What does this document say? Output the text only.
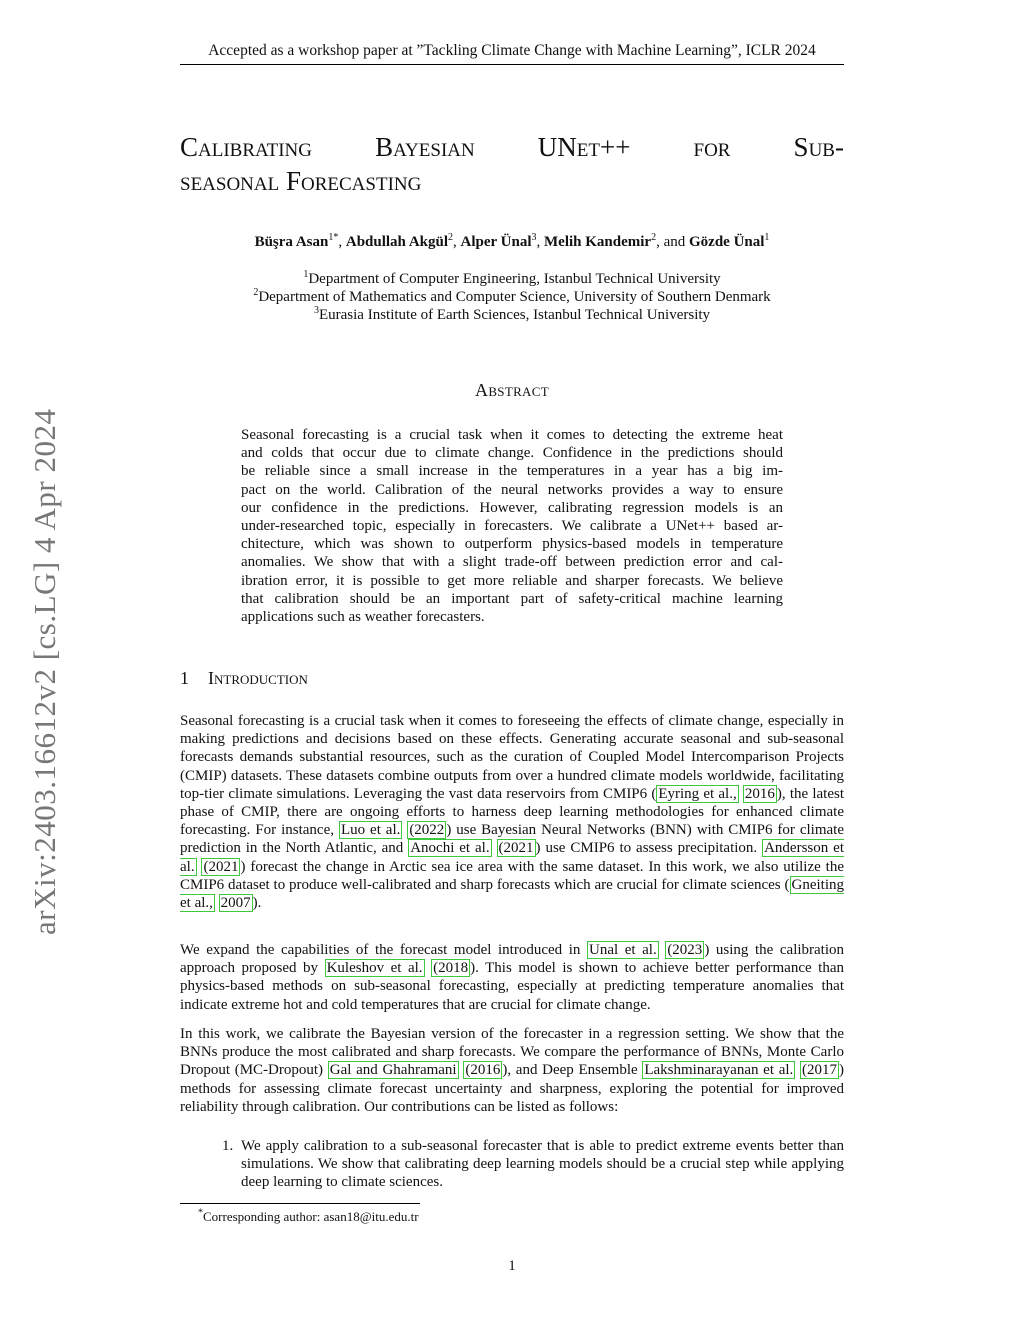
Accepted as a workshop paper at ”Tackling Climate Change with Machine Learning”, ICLR 2024
arXiv:2403.16612v2 [cs.LG] 4 Apr 2024
Calibrating Bayesian UNet++ for Sub-
seasonal Forecasting
Büşra Asan$^{1*}$, Abdullah Akgül$^2$, Alper Ünal$^3$, Melih Kandemir$^2$, and Gözde Ünal$^1$
$^1$Department of Computer Engineering, Istanbul Technical University
$^2$Department of Mathematics and Computer Science, University of Southern Denmark
$^3$Eurasia Institute of Earth Sciences, Istanbul Technical University
Abstract
Seasonal forecasting is a crucial task when it comes to detecting the extreme heat
and colds that occur due to climate change. Confidence in the predictions should
be reliable since a small increase in the temperatures in a year has a big im-
pact on the world. Calibration of the neural networks provides a way to ensure
our confidence in the predictions. However, calibrating regression models is an
under-researched topic, especially in forecasters. We calibrate a UNet++ based ar-
chitecture, which was shown to outperform physics-based models in temperature
anomalies. We show that with a slight trade-off between prediction error and cal-
ibration error, it is possible to get more reliable and sharper forecasts. We believe
that calibration should be an important part of safety-critical machine learning
applications such as weather forecasters.
1 Introduction
Seasonal forecasting is a crucial task when it comes to foreseeing the effects of climate change, especially in making predictions and decisions based on these effects. Generating accurate seasonal and sub-seasonal forecasts demands substantial resources, such as the curation of Coupled Model Intercomparison Projects (CMIP) datasets. These datasets combine outputs from over a hundred climate models worldwide, facilitating top-tier climate simulations. Leveraging the vast data reservoirs from CMIP6 ( Eyring et al., 2016 ), the latest phase of CMIP, there are ongoing efforts to harness deep learning methodologies for enhanced climate forecasting. For instance, Luo et al. (2022 ) use Bayesian Neural Networks (BNN) with CMIP6 for climate prediction in the North Atlantic, and Anochi et al. (2021 ) use CMIP6 to assess precipitation. Andersson et al. (2021 ) forecast the change in Arctic sea ice area with the same dataset. In this work, we also utilize the CMIP6 dataset to produce well-calibrated and sharp forecasts which are crucial for climate sciences ( Gneiting et al., 2007 ).
We expand the capabilities of the forecast model introduced in Unal et al. (2023 ) using the calibration approach proposed by Kuleshov et al. (2018 ). This model is shown to achieve better performance than physics-based methods on sub-seasonal forecasting, especially at predicting temperature anomalies that indicate extreme hot and cold temperatures that are crucial for climate change.
In this work, we calibrate the Bayesian version of the forecaster in a regression setting. We show that the BNNs produce the most calibrated and sharp forecasts. We compare the performance of BNNs, Monte Carlo Dropout (MC-Dropout) Gal and Ghahramani (2016 ), and Deep Ensemble Lakshminarayanan et al. (2017 ) methods for assessing climate forecast uncertainty and sharpness, exploring the potential for improved reliability through calibration. Our contributions can be listed as follows:
1. We apply calibration to a sub-seasonal forecaster that is able to predict extreme events better than simulations. We show that calibrating deep learning models should be a crucial step while applying deep learning to climate sciences.
*Corresponding author: asan18@itu.edu.tr
1
